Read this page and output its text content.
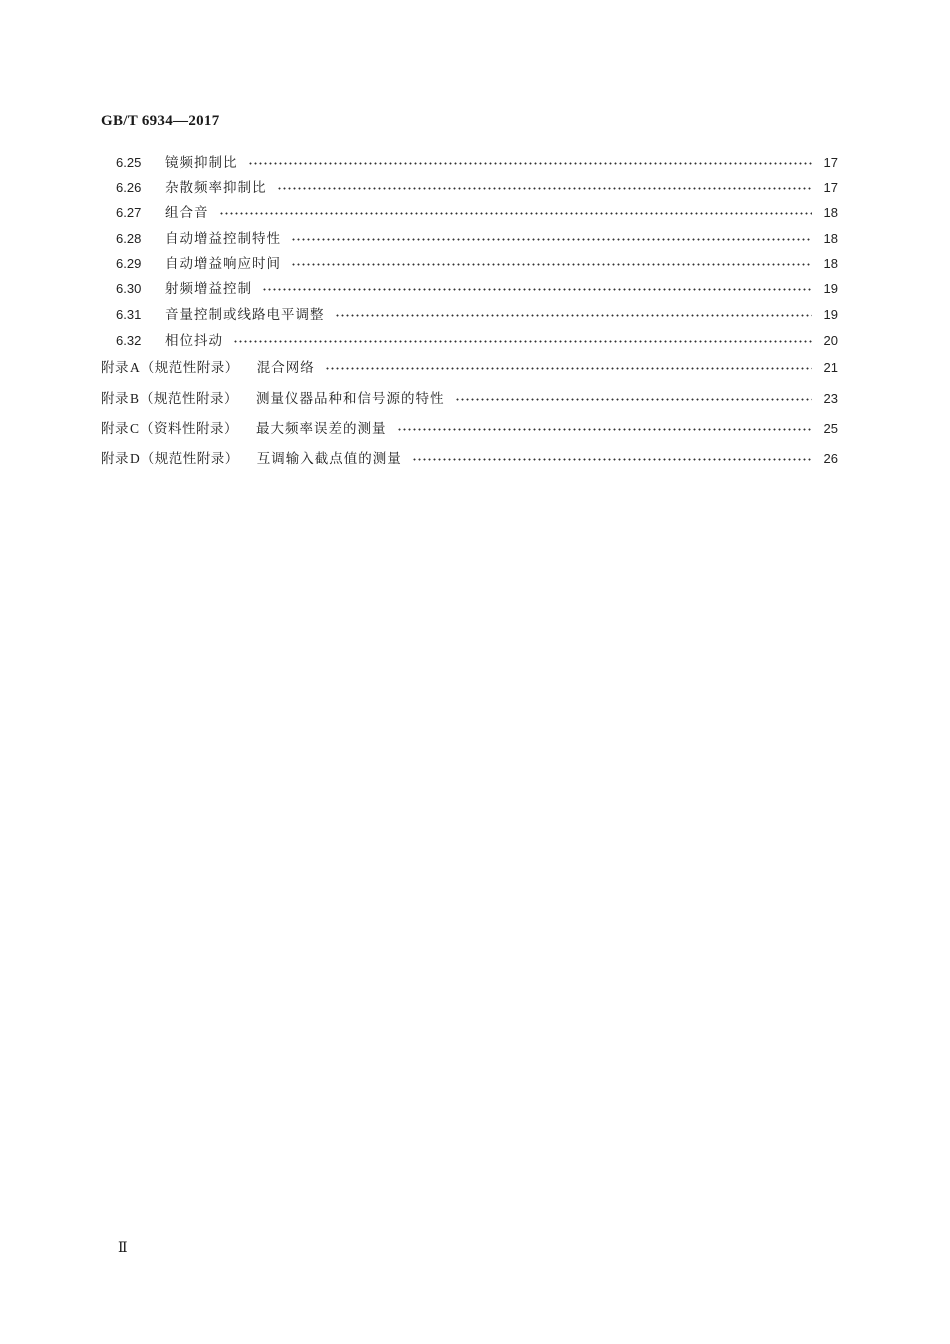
GB/T 6934—2017
6.25	镜频抑制比	17
6.26	杂散频率抑制比	17
6.27	组合音	18
6.28	自动增益控制特性	18
6.29	自动增益响应时间	18
6.30	射频增益控制	19
6.31	音量控制或线路电平调整	19
6.32	相位抖动	20
附录 A （规范性附录） 混合网络	21
附录 B （规范性附录） 测量仪器品种和信号源的特性	23
附录 C （资料性附录） 最大频率误差的测量	25
附录 D （规范性附录） 互调输入截点值的测量	26
Ⅱ
